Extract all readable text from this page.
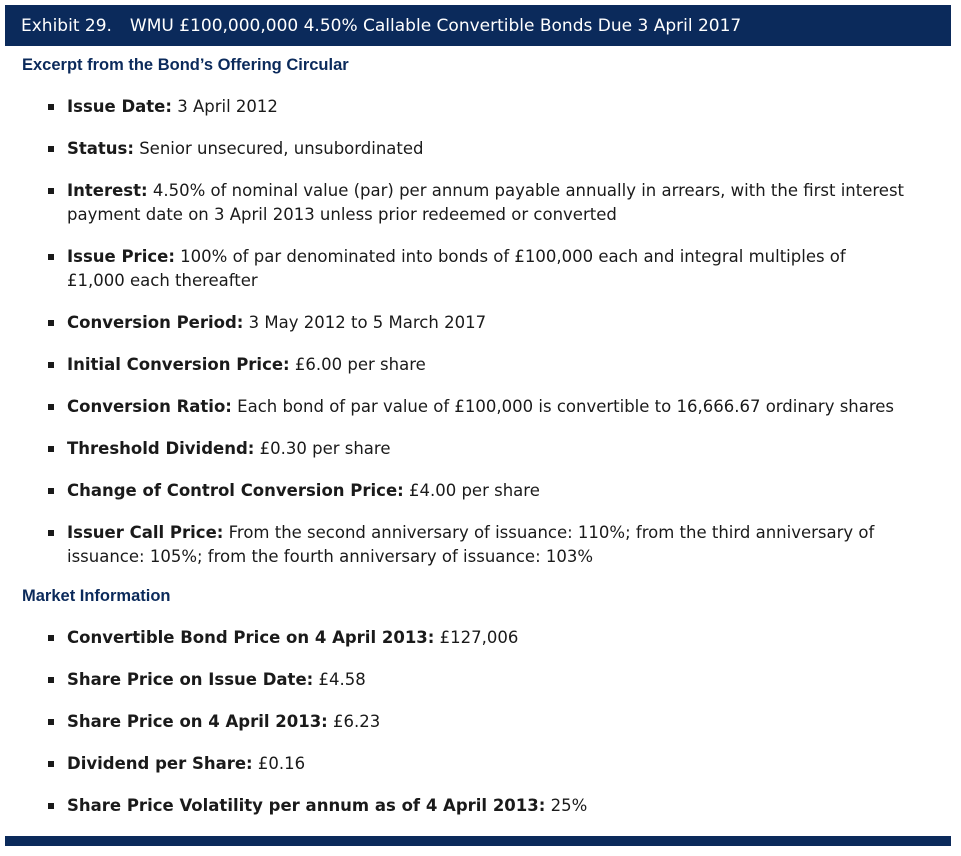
Exhibit 29. WMU £100,000,000 4.50% Callable Convertible Bonds Due 3 April 2017
Excerpt from the Bond’s Offering Circular
Issue Date: 3 April 2012
Status: Senior unsecured, unsubordinated
Interest: 4.50% of nominal value (par) per annum payable annually in arrears, with the first interest payment date on 3 April 2013 unless prior redeemed or converted
Issue Price: 100% of par denominated into bonds of £100,000 each and integral multiples of £1,000 each thereafter
Conversion Period: 3 May 2012 to 5 March 2017
Initial Conversion Price: £6.00 per share
Conversion Ratio: Each bond of par value of £100,000 is convertible to 16,666.67 ordinary shares
Threshold Dividend: £0.30 per share
Change of Control Conversion Price: £4.00 per share
Issuer Call Price: From the second anniversary of issuance: 110%; from the third anniversary of issuance: 105%; from the fourth anniversary of issuance: 103%
Market Information
Convertible Bond Price on 4 April 2013: £127,006
Share Price on Issue Date: £4.58
Share Price on 4 April 2013: £6.23
Dividend per Share: £0.16
Share Price Volatility per annum as of 4 April 2013: 25%
